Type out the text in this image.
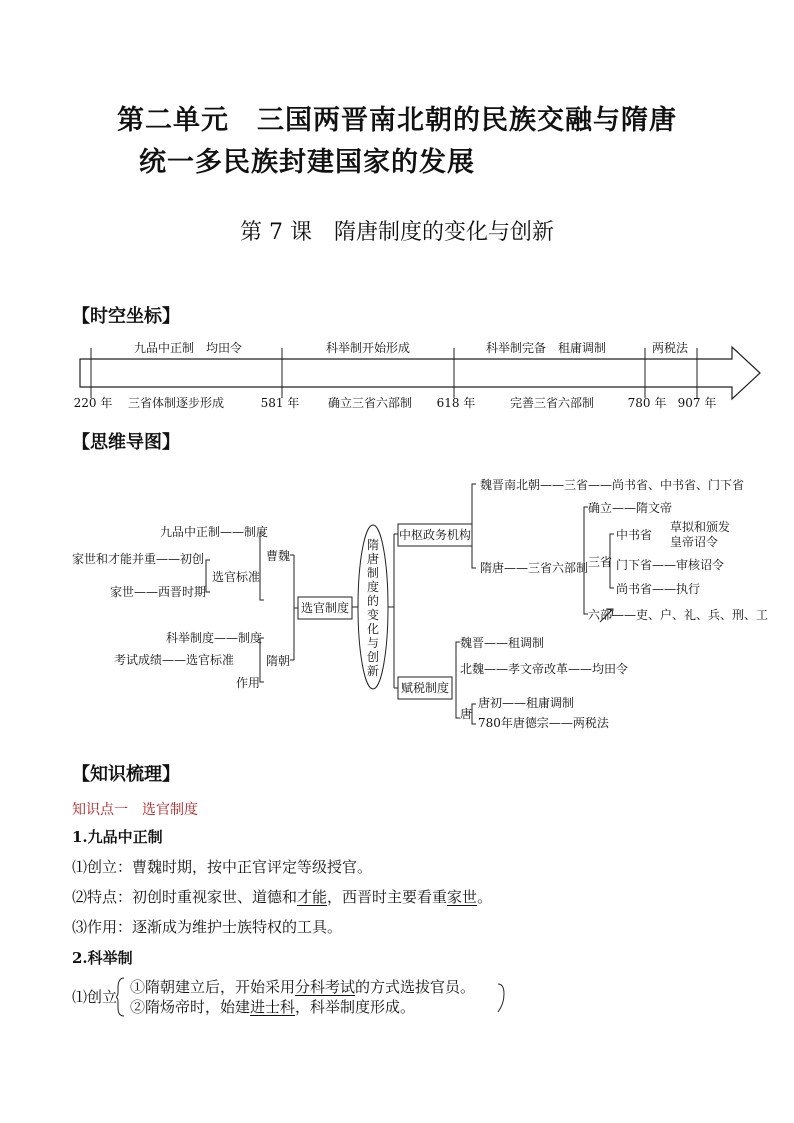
第二单元　三国两晋南北朝的民族交融与隋唐
统一多民族封建国家的发展
第 7 课　隋唐制度的变化与创新
【时空坐标】
九品中正制　均田令	科举制开始形成	科举制完备　租庸调制	两税法
220 年	581 年	618 年	780 年 907 年
三省体制逐步形成	确立三省六部制	完善三省六部制
【思维导图】
隋
唐
制
度
的
变
化
与
创
新
选官制度
曹魏
九品中正制——制度
家世和才能并重——初创
选官标准
家世——西晋时期
隋朝
科举制度——制度
考试成绩——选官标准
作用
中枢政务机构
魏晋南北朝——三省——尚书省、中书省、门下省
隋唐——三省六部制
确立——隋文帝
三省
中书省
草拟和颁发
皇帝诏令
门下省——审核诏令
尚书省——执行
六部——吏、户、礼、兵、刑、工
赋税制度
魏晋——租调制
北魏——孝文帝改革——均田令
唐
唐初——租庸调制
780年唐德宗——两税法
【知识梳理】
知识点一　选官制度
1.九品中正制
⑴创立：曹魏时期，按中正官评定等级授官。
⑵特点：初创时重视家世、道德和才能，西晋时主要看重家世。
⑶作用：逐渐成为维护士族特权的工具。
2.科举制
⑴创立
①隋朝建立后，开始采用分科考试的方式选拔官员。
②隋炀帝时，始建进士科，科举制度形成。
